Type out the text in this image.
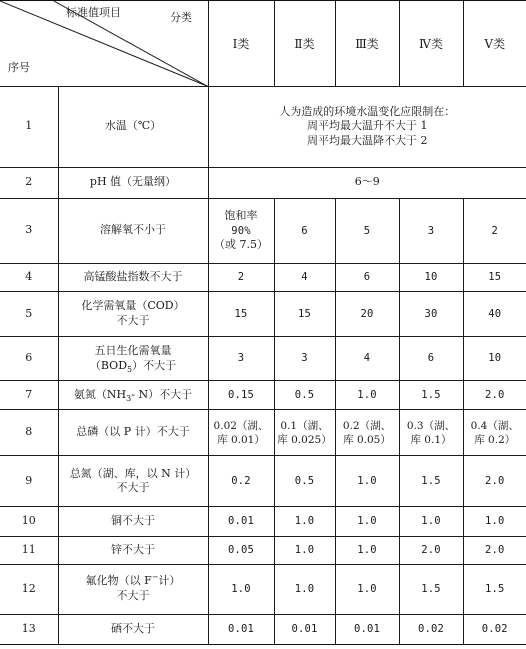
标准值项目 分类
序号		Ⅰ类	Ⅱ类	Ⅲ类	Ⅳ类	Ⅴ类
1	水温（℃）	人为造成的环境水温变化应限制在：
周平均最大温升不大于 1
周平均最大温降不大于 2				

2	pH 值（无量纲）	6～9				
3	溶解氧不小于	饱和率
90%
（或 7.5）	6	5	3	2
4	高锰酸盐指数不大于	2	4	6	10	15
5	化学需氧量（COD）
不大于	15	15	20	30	40
6	五日生化需氧量
$(BOD_5)$不大于	3	3	4	6	10
7	氨氮（$NH_3-$ N）不大于	0.15	0.5	1.0	1.5	2.0
8	总磷（以 P 计）不大于	0.02（湖、
库 0.01）	0.1（湖、
库 0.025）	0.2（湖、
库 0.05）	0.3（湖、
库 0.1）	0.4（湖、
库 0.2）

9	总氮（湖、库，以 N 计）
不大于	0.2	0.5	1.0	1.5	2.0
10	铜不大于	0.01	1.0	1.0	1.0	1.0
11	锌不大于	0.05	1.0	1.0	2.0	2.0
12	氟化物（以 F−计）
不大于	1.0	1.0	1.0	1.5	1.5
13	硒不大于	0.01	0.01	0.01	0.02	0.02
